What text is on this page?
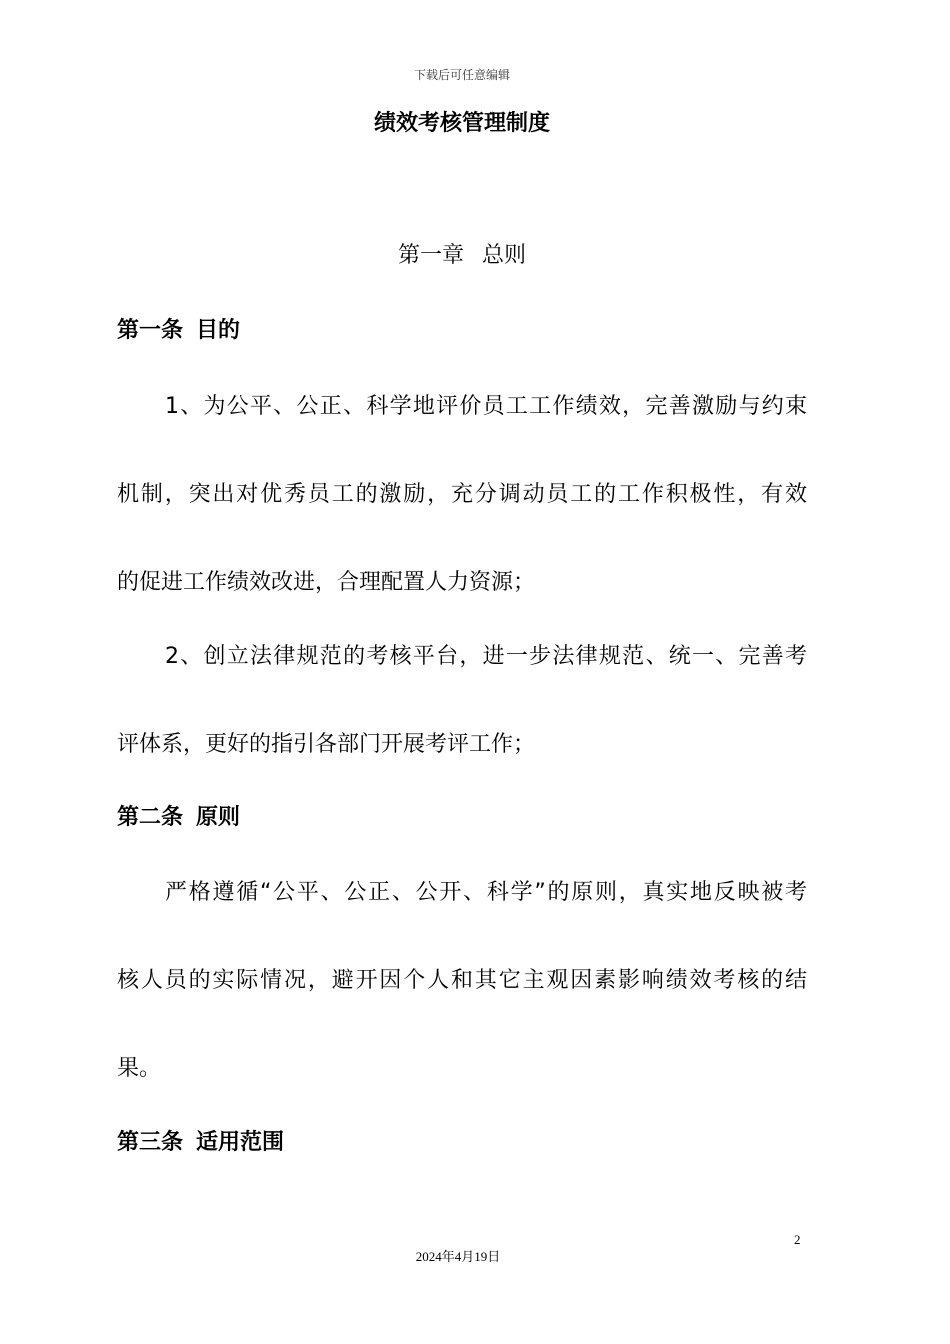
下载后可任意编辑
绩效考核管理制度
第一章 总则
第一条 目的
1、为公平、公正、科学地评价员工工作绩效，完善激励与约束
机制，突出对优秀员工的激励，充分调动员工的工作积极性，有效
的促进工作绩效改进，合理配置人力资源；
2、创立法律规范的考核平台，进一步法律规范、统一、完善考
评体系，更好的指引各部门开展考评工作；
第二条 原则
严格遵循“公平、公正、公开、科学”的原则，真实地反映被考
核人员的实际情况，避开因个人和其它主观因素影响绩效考核的结
果。
第三条 适用范围
2
2024年4月19日
